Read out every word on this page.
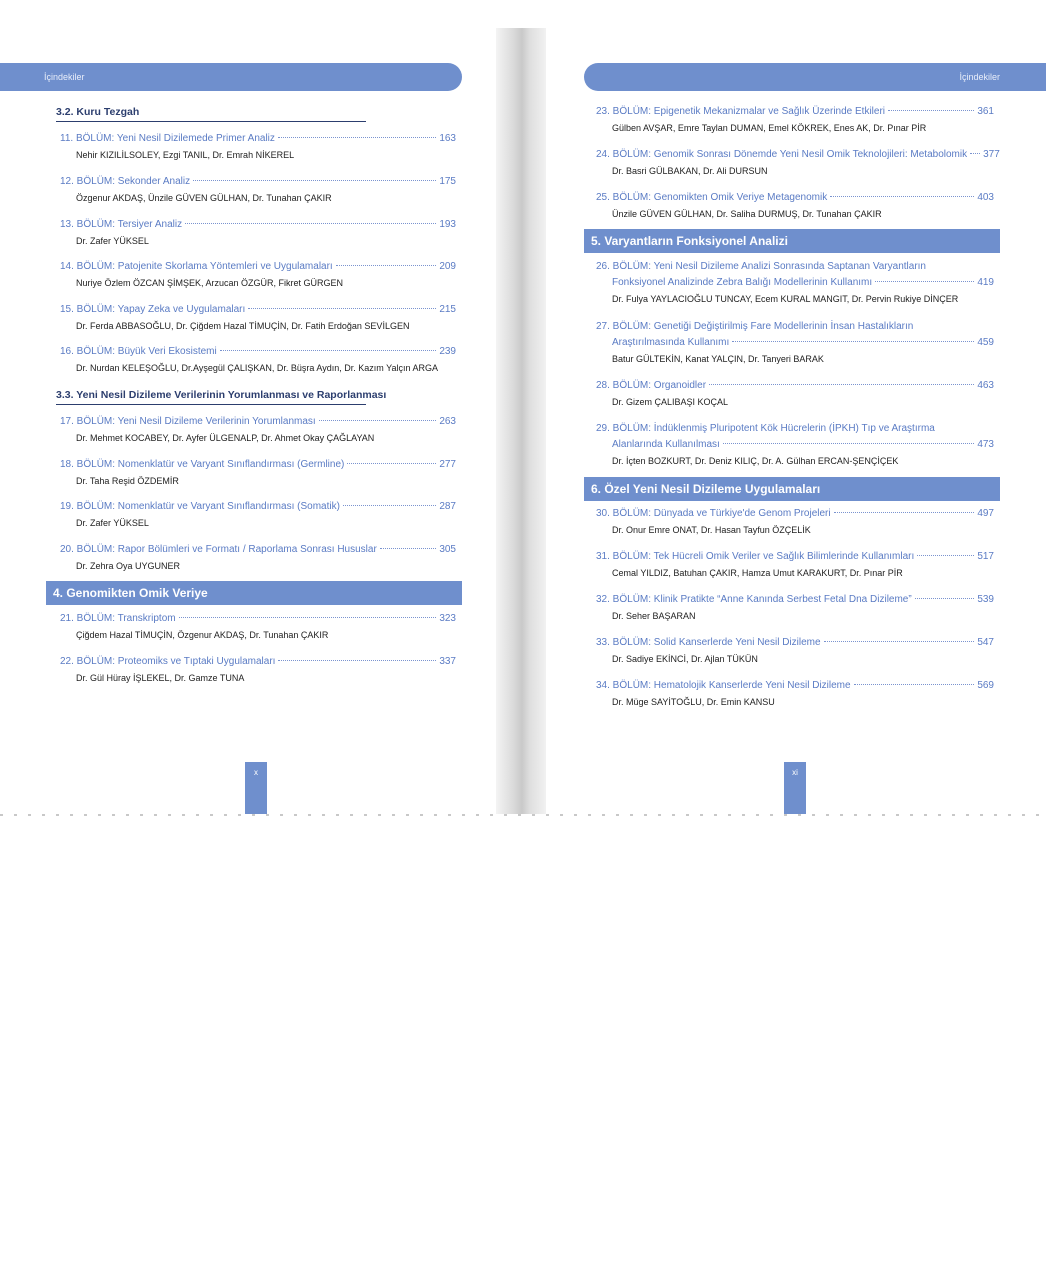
İçindekiler
3.2. Kuru Tezgah
11. BÖLÜM: Yeni Nesil Dizilemede Primer Analiz	163
Nehir KIZILİLSOLEY, Ezgi TANIL, Dr. Emrah NİKEREL
12. BÖLÜM: Sekonder Analiz	175
Özgenur AKDAŞ, Ünzile GÜVEN GÜLHAN, Dr. Tunahan ÇAKIR
13. BÖLÜM: Tersiyer Analiz	193
Dr. Zafer YÜKSEL
14. BÖLÜM: Patojenite Skorlama Yöntemleri ve Uygulamaları	209
Nuriye Özlem ÖZCAN ŞİMŞEK, Arzucan ÖZGÜR, Fikret GÜRGEN
15. BÖLÜM: Yapay Zeka ve Uygulamaları	215
Dr. Ferda ABBASOĞLU, Dr. Çiğdem Hazal TİMUÇİN, Dr. Fatih Erdoğan SEVİLGEN
16. BÖLÜM: Büyük Veri Ekosistemi	239
Dr. Nurdan KELEŞOĞLU, Dr.Ayşegül ÇALIŞKAN, Dr. Büşra Aydın, Dr. Kazım Yalçın ARGA
3.3. Yeni Nesil Dizileme Verilerinin Yorumlanması ve Raporlanması
17. BÖLÜM: Yeni Nesil Dizileme Verilerinin Yorumlanması	263
Dr. Mehmet KOCABEY, Dr. Ayfer ÜLGENALP, Dr. Ahmet Okay ÇAĞLAYAN
18. BÖLÜM: Nomenklatür ve Varyant Sınıflandırması (Germline)	277
Dr. Taha Reşid ÖZDEMİR
19. BÖLÜM: Nomenklatür ve Varyant Sınıflandırması (Somatik)	287
Dr. Zafer YÜKSEL
20. BÖLÜM: Rapor Bölümleri ve Formatı / Raporlama Sonrası Hususlar	305
Dr. Zehra Oya UYGUNER
4. Genomikten Omik Veriye
21. BÖLÜM: Transkriptom	323
Çiğdem Hazal TİMUÇİN, Özgenur AKDAŞ, Dr. Tunahan ÇAKIR
22. BÖLÜM: Proteomiks ve Tıptaki Uygulamaları	337
Dr. Gül Hüray İŞLEKEL, Dr. Gamze TUNA
x
İçindekiler
23. BÖLÜM: Epigenetik Mekanizmalar ve Sağlık Üzerinde Etkileri	361
Gülben AVŞAR, Emre Taylan DUMAN, Emel KÖKREK, Enes AK, Dr. Pınar PİR
24. BÖLÜM: Genomik Sonrası Dönemde Yeni Nesil Omik Teknolojileri: Metabolomik 377
Dr. Basri GÜLBAKAN, Dr. Ali DURSUN
25. BÖLÜM: Genomikten Omik Veriye Metagenomik	403
Ünzile GÜVEN GÜLHAN, Dr. Saliha DURMUŞ, Dr. Tunahan ÇAKIR
5. Varyantların Fonksiyonel Analizi
26. BÖLÜM: Yeni Nesil Dizileme Analizi Sonrasında Saptanan Varyantların
Fonksiyonel Analizinde Zebra Balığı Modellerinin Kullanımı	419
Dr. Fulya YAYLACIOĞLU TUNCAY, Ecem KURAL MANGIT, Dr. Pervin Rukiye DİNÇER
27. BÖLÜM: Genetiği Değiştirilmiş Fare Modellerinin İnsan Hastalıkların
Araştırılmasında Kullanımı	459
Batur GÜLTEKİN, Kanat YALÇIN, Dr. Tanyeri BARAK
28. BÖLÜM: Organoidler	463
Dr. Gizem ÇALIBAŞI KOÇAL
29. BÖLÜM: İndüklenmiş Pluripotent Kök Hücrelerin (İPKH) Tıp ve Araştırma
Alanlarında Kullanılması	473
Dr. İçten BOZKURT, Dr. Deniz KILIÇ, Dr. A. Gülhan ERCAN-ŞENÇİÇEK
6. Özel Yeni Nesil Dizileme Uygulamaları
30. BÖLÜM: Dünyada ve Türkiye'de Genom Projeleri	497
Dr. Onur Emre ONAT, Dr. Hasan Tayfun ÖZÇELİK
31. BÖLÜM: Tek Hücreli Omik Veriler ve Sağlık Bilimlerinde Kullanımları	517
Cemal YILDIZ, Batuhan ÇAKIR, Hamza Umut KARAKURT, Dr. Pınar PİR
32. BÖLÜM: Klinik Pratikte “Anne Kanında Serbest Fetal Dna Dizileme”	539
Dr. Seher BAŞARAN
33. BÖLÜM: Solid Kanserlerde Yeni Nesil Dizileme	547
Dr. Sadiye EKİNCİ, Dr. Ajlan TÜKÜN
34. BÖLÜM: Hematolojik Kanserlerde Yeni Nesil Dizileme	569
Dr. Müge SAYİTOĞLU, Dr. Emin KANSU
xi
